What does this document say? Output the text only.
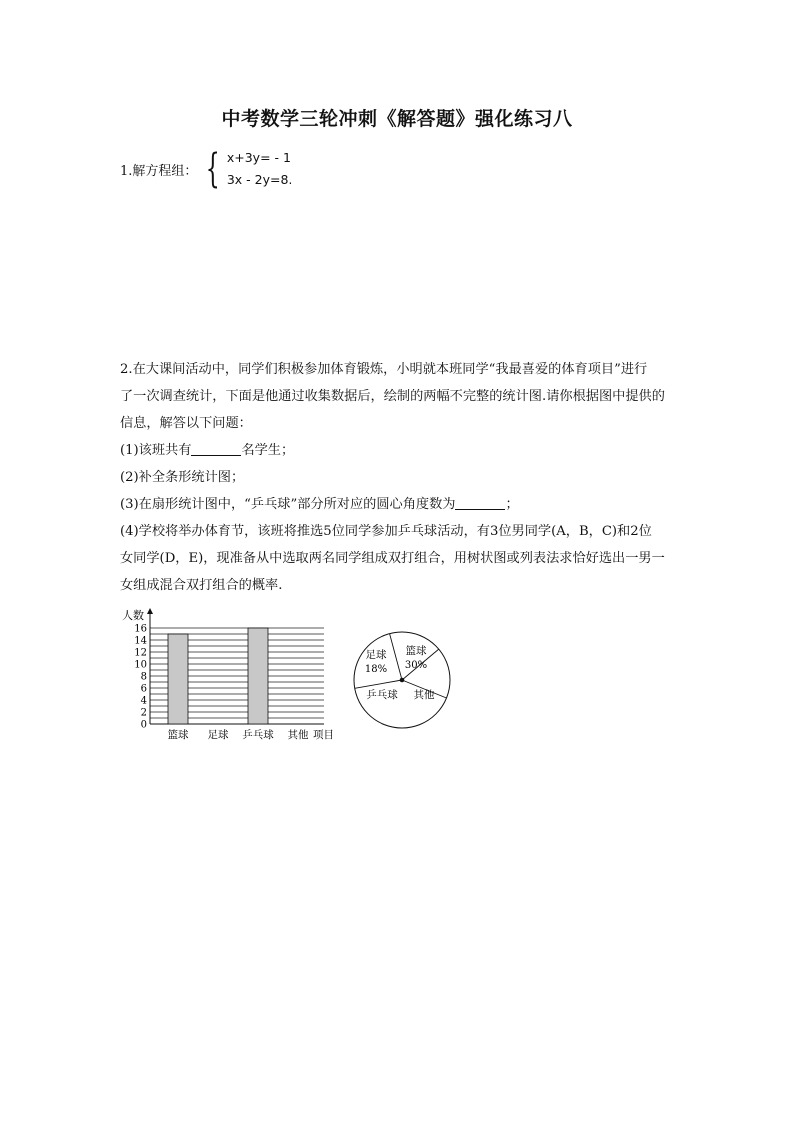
中考数学三轮冲刺《解答题》强化练习八
1.解方程组： { x+3y= - 1
3x - 2y=8.

2.在大课间活动中，同学们积极参加体育锻炼，小明就本班同学“我最喜爱的体育项目”进行

了一次调查统计，下面是他通过收集数据后，绘制的两幅不完整的统计图.请你根据图中提供的

信息，解答以下问题：

(1)该班共有	名学生；

(2)补全条形统计图；

(3)在扇形统计图中，“乒乓球”部分所对应的圆心角度数为	；

(4)学校将举办体育节，该班将推选5位同学参加乒乓球活动，有3位男同学(A，B，C)和2位

女同学(D，E)，现准备从中选取两名同学组成双打组合，用树状图或列表法求恰好选出一男一

女组成混合双打组合的概率.

0
2
4
6
8
10
12
14
16
人数
篮球 足球 乒乓球 其他 项目
足球
18%
篮球
30%
其他
乒乓球
